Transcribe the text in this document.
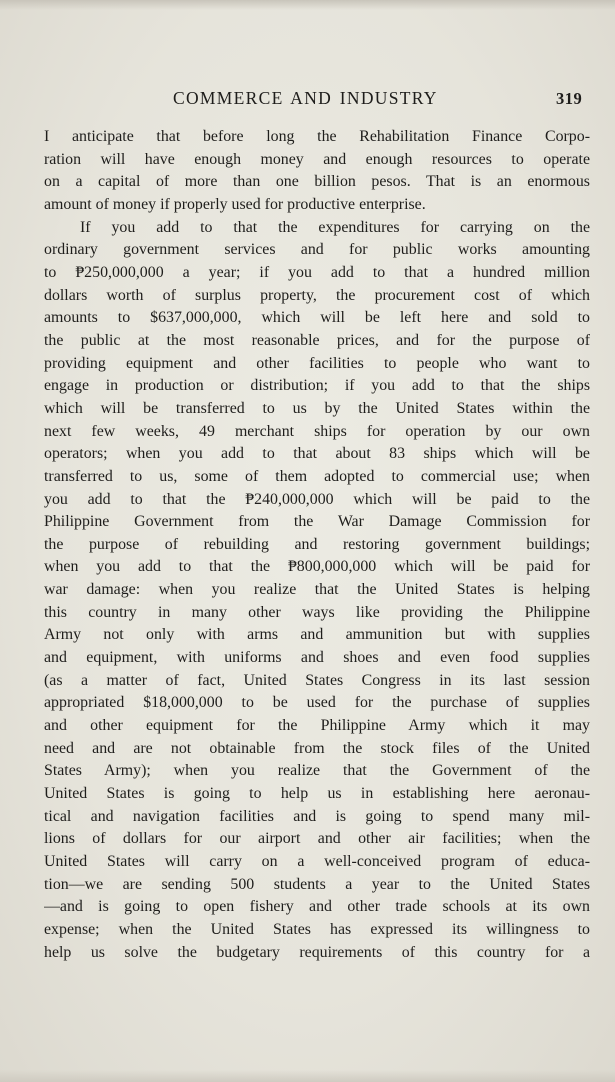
COMMERCE AND INDUSTRY	319
I anticipate that before long the Rehabilitation Finance Corpo-
ration will have enough money and enough resources to operate
on a capital of more than one billion pesos. That is an enormous
amount of money if properly used for productive enterprise.
If you add to that the expenditures for carrying on the
ordinary government services and for public works amounting
to ₱250,000,000 a year; if you add to that a hundred million
dollars worth of surplus property, the procurement cost of which
amounts to $637,000,000, which will be left here and sold to
the public at the most reasonable prices, and for the purpose of
providing equipment and other facilities to people who want to
engage in production or distribution; if you add to that the ships
which will be transferred to us by the United States within the
next few weeks, 49 merchant ships for operation by our own
operators; when you add to that about 83 ships which will be
transferred to us, some of them adopted to commercial use; when
you add to that the ₱240,000,000 which will be paid to the
Philippine Government from the War Damage Commission for
the purpose of rebuilding and restoring government buildings;
when you add to that the ₱800,000,000 which will be paid for
war damage: when you realize that the United States is helping
this country in many other ways like providing the Philippine
Army not only with arms and ammunition but with supplies
and equipment, with uniforms and shoes and even food supplies
(as a matter of fact, United States Congress in its last session
appropriated $18,000,000 to be used for the purchase of supplies
and other equipment for the Philippine Army which it may
need and are not obtainable from the stock files of the United
States Army); when you realize that the Government of the
United States is going to help us in establishing here aeronau-
tical and navigation facilities and is going to spend many mil-
lions of dollars for our airport and other air facilities; when the
United States will carry on a well-conceived program of educa-
tion—we are sending 500 students a year to the United States
—and is going to open fishery and other trade schools at its own
expense; when the United States has expressed its willingness to
help us solve the budgetary requirements of this country for a
